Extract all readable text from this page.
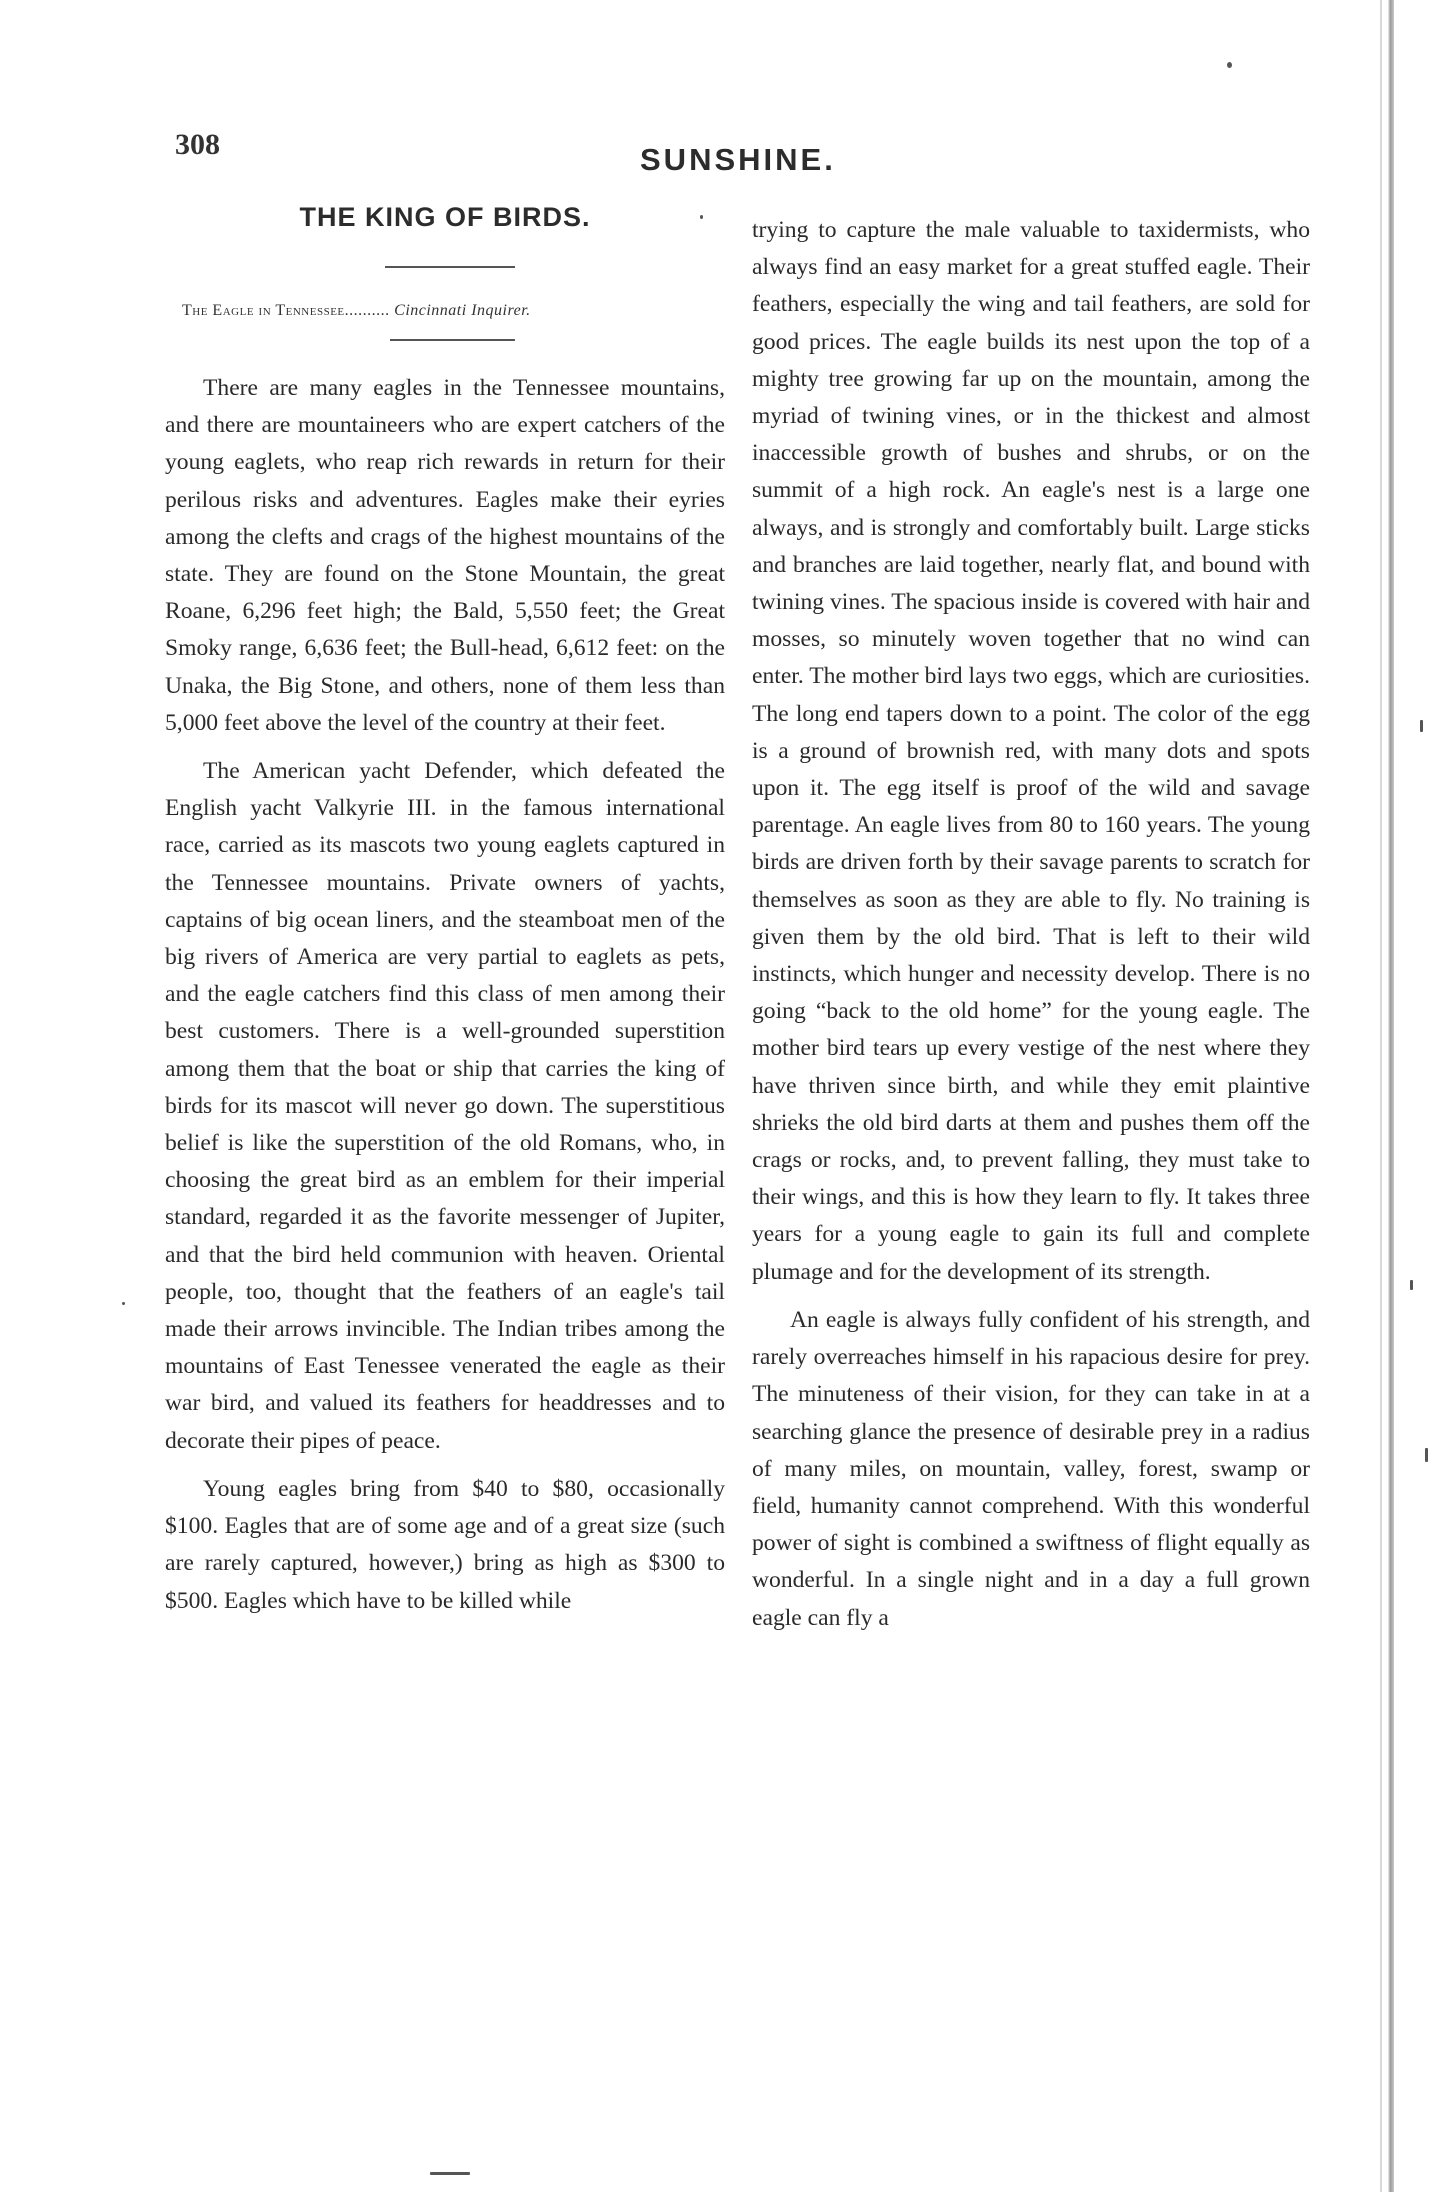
308	SUNSHINE.
THE KING OF BIRDS.
The Eagle in Tennessee.......... Cincinnati Inquirer.

There are many eagles in the Tennessee mountains, and there are mountaineers who are expert catchers of the young eaglets, who reap rich rewards in return for their perilous risks and adventures. Eagles make their eyries among the clefts and crags of the highest mountains of the state. They are found on the Stone Mountain, the great Roane, 6,296 feet high; the Bald, 5,550 feet; the Great Smoky range, 6,636 feet; the Bull-head, 6,612 feet: on the Unaka, the Big Stone, and others, none of them less than 5,000 feet above the level of the country at their feet.

The American yacht Defender, which defeated the English yacht Valkyrie III. in the famous international race, carried as its mascots two young eaglets captured in the Tennessee mountains. Private owners of yachts, captains of big ocean liners, and the steamboat men of the big rivers of America are very partial to eaglets as pets, and the eagle catchers find this class of men among their best customers. There is a well-grounded superstition among them that the boat or ship that carries the king of birds for its mascot will never go down. The superstitious belief is like the superstition of the old Romans, who, in choosing the great bird as an emblem for their imperial standard, regarded it as the favorite messenger of Jupiter, and that the bird held communion with heaven. Oriental people, too, thought that the feathers of an eagle's tail made their arrows invincible. The Indian tribes among the mountains of East Tenessee venerated the eagle as their war bird, and valued its feathers for headdresses and to decorate their pipes of peace.

Young eagles bring from $40 to $80, occasionally $100. Eagles that are of some age and of a great size (such are rarely captured, however,) bring as high as $300 to $500. Eagles which have to be killed while

trying to capture the male valuable to taxidermists, who always find an easy market for a great stuffed eagle. Their feathers, especially the wing and tail feathers, are sold for good prices. The eagle builds its nest upon the top of a mighty tree growing far up on the mountain, among the myriad of twining vines, or in the thickest and almost inaccessible growth of bushes and shrubs, or on the summit of a high rock. An eagle's nest is a large one always, and is strongly and comfortably built. Large sticks and branches are laid together, nearly flat, and bound with twining vines. The spacious inside is covered with hair and mosses, so minutely woven together that no wind can enter. The mother bird lays two eggs, which are curiosities. The long end tapers down to a point. The color of the egg is a ground of brownish red, with many dots and spots upon it. The egg itself is proof of the wild and savage parentage. An eagle lives from 80 to 160 years. The young birds are driven forth by their savage parents to scratch for themselves as soon as they are able to fly. No training is given them by the old bird. That is left to their wild instincts, which hunger and necessity develop. There is no going “back to the old home” for the young eagle. The mother bird tears up every vestige of the nest where they have thriven since birth, and while they emit plaintive shrieks the old bird darts at them and pushes them off the crags or rocks, and, to prevent falling, they must take to their wings, and this is how they learn to fly. It takes three years for a young eagle to gain its full and complete plumage and for the development of its strength.

An eagle is always fully confident of his strength, and rarely overreaches himself in his rapacious desire for prey. The minuteness of their vision, for they can take in at a searching glance the presence of desirable prey in a radius of many miles, on mountain, valley, forest, swamp or field, humanity cannot comprehend. With this wonderful power of sight is combined a swiftness of flight equally as wonderful. In a single night and in a day a full grown eagle can fly a
